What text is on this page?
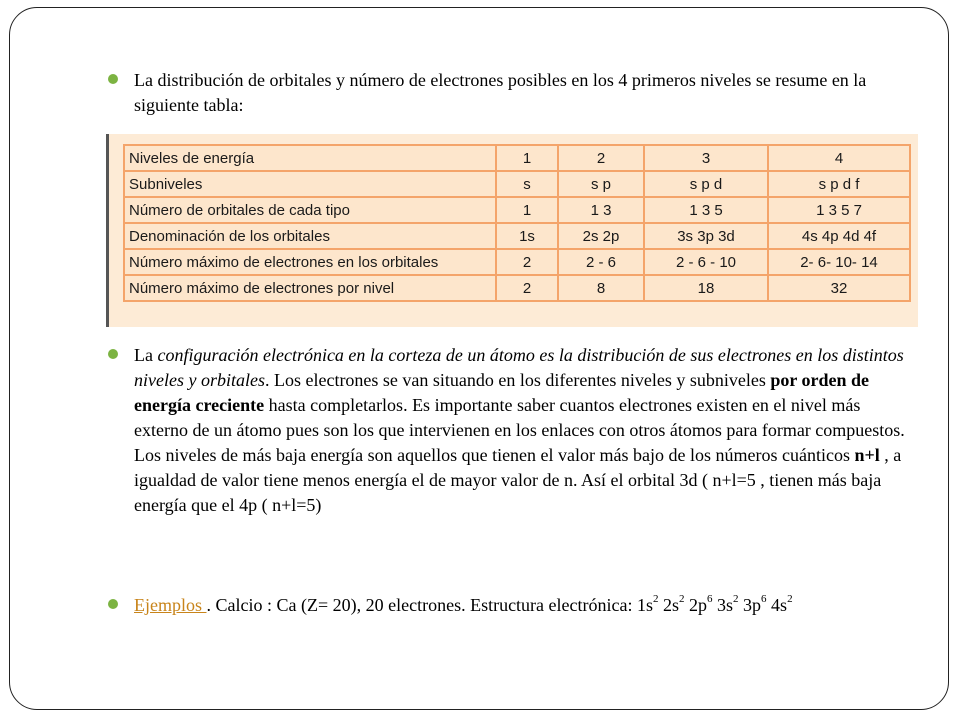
La distribución de orbitales y número de electrones posibles en los 4 primeros niveles se resume en la siguiente tabla:
Niveles de energía	1	2	3	4
Subniveles	s	s p	s p d	s p d f
Número de orbitales de cada tipo	1	1 3	1 3 5	1 3 5 7
Denominación de los orbitales	1s	2s 2p	3s 3p 3d	4s 4p 4d 4f
Número máximo de electrones en los orbitales	2	2 - 6	2 - 6 - 10	2- 6- 10- 14
Número máximo de electrones por nivel	2	8	18	32
La configuración electrónica en la corteza de un átomo es la distribución de sus electrones en los distintos niveles y orbitales. Los electrones se van situando en los diferentes niveles y subniveles por orden de energía creciente hasta completarlos. Es importante saber cuantos electrones existen en el nivel más externo de un átomo pues son los que intervienen en los enlaces con otros átomos para formar compuestos. Los niveles de más baja energía son aquellos que tienen el valor más bajo de los números cuánticos n+l , a igualdad de valor tiene menos energía el de mayor valor de n. Así el orbital 3d ( n+l=5 , tienen más baja energía que el 4p ( n+l=5)
Ejemplos . Calcio : Ca (Z= 20), 20 electrones. Estructura electrónica: $1s^2$ $2s^2$ $2p^6$ $3s^2$ $3p^6$ $4s^2$
